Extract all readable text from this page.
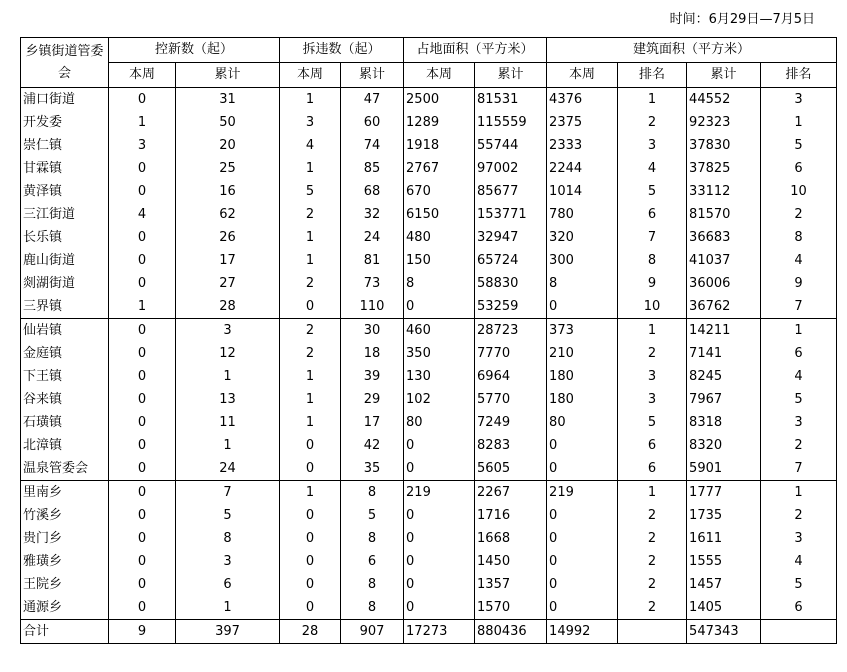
时间：6月29日—7月5日
乡镇街道管委会	控新数（起）		拆违数（起）		占地面积（平方米）		建筑面积（平方米）			
	本周	累计	本周	累计	本周	累计	本周	排名	累计	排名
浦口街道	0	31	1	47	2500	81531	4376	1	44552	3
开发委	1	50	3	60	1289	115559	2375	2	92323	1
崇仁镇	3	20	4	74	1918	55744	2333	3	37830	5
甘霖镇	0	25	1	85	2767	97002	2244	4	37825	6
黄泽镇	0	16	5	68	670	85677	1014	5	33112	10
三江街道	4	62	2	32	6150	153771	780	6	81570	2
长乐镇	0	26	1	24	480	32947	320	7	36683	8
鹿山街道	0	17	1	81	150	65724	300	8	41037	4
剡湖街道	0	27	2	73	8	58830	8	9	36006	9
三界镇	1	28	0	110	0	53259	0	10	36762	7
仙岩镇	0	3	2	30	460	28723	373	1	14211	1
金庭镇	0	12	2	18	350	7770	210	2	7141	6
下王镇	0	1	1	39	130	6964	180	3	8245	4
谷来镇	0	13	1	29	102	5770	180	3	7967	5
石璜镇	0	11	1	17	80	7249	80	5	8318	3
北漳镇	0	1	0	42	0	8283	0	6	8320	2
温泉管委会	0	24	0	35	0	5605	0	6	5901	7
里南乡	0	7	1	8	219	2267	219	1	1777	1
竹溪乡	0	5	0	5	0	1716	0	2	1735	2
贵门乡	0	8	0	8	0	1668	0	2	1611	3
雅璜乡	0	3	0	6	0	1450	0	2	1555	4
王院乡	0	6	0	8	0	1357	0	2	1457	5
通源乡	0	1	0	8	0	1570	0	2	1405	6
合计	9	397	28	907	17273	880436	14992		547343	
